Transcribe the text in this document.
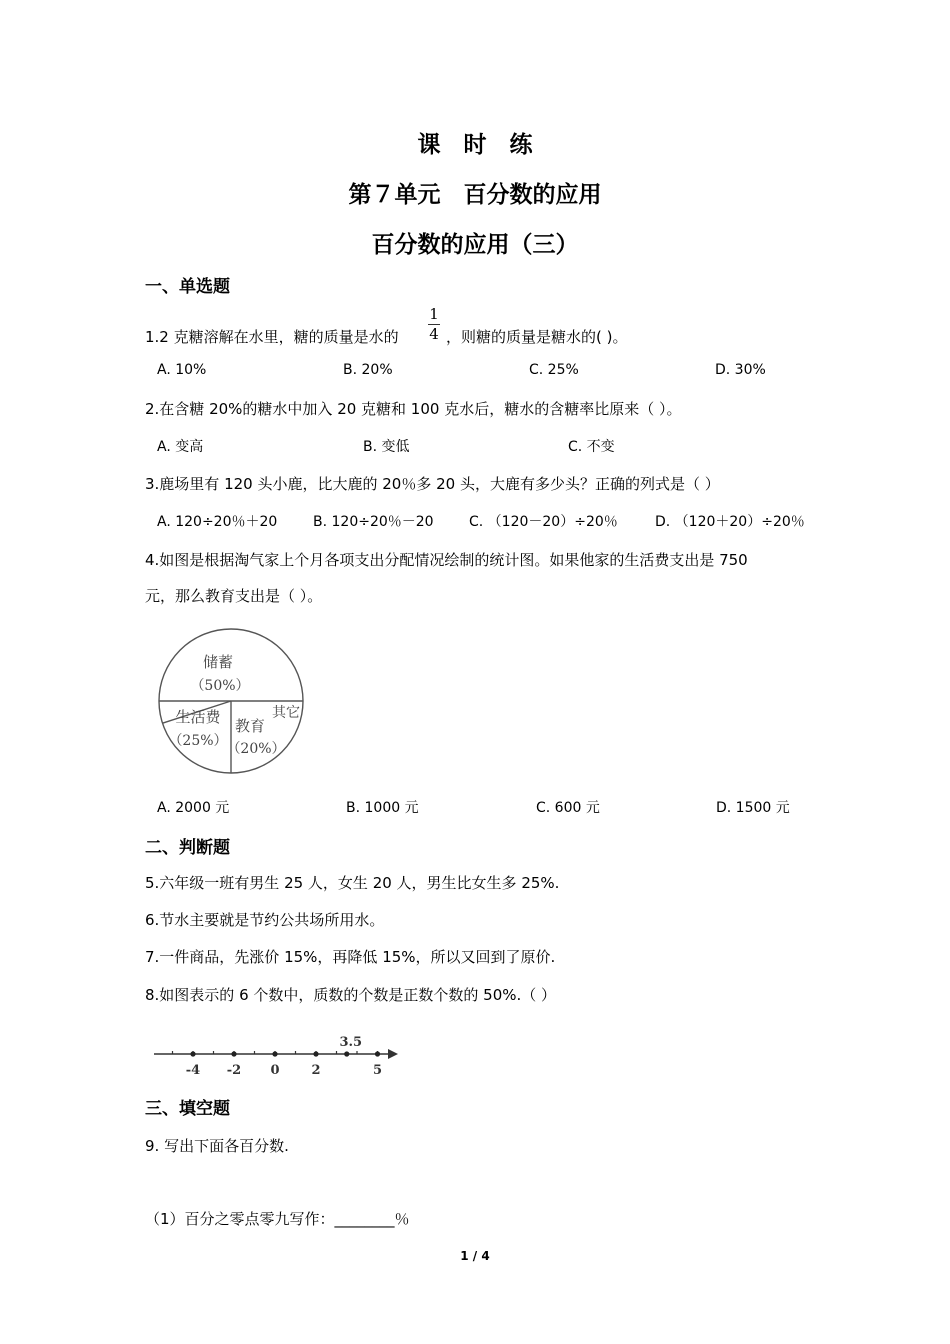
课　时　练
第７单元　百分数的应用
百分数的应用（三）
一、单选题
1.2 克糖溶解在水里，糖的质量是水的
1
4 ，则糖的质量是糖水的( )。
A. 10%	B. 20%	C. 25%	D. 30%
2.在含糖 20%的糖水中加入 20 克糖和 100 克水后，糖水的含糖率比原来（ ）。
A. 变高	B. 变低	C. 不变
3.鹿场里有 120 头小鹿，比大鹿的 20％多 20 头，大鹿有多少头？正确的列式是（ ）
A. 120÷20％＋20	B. 120÷20％－20	C. （120－20）÷20％	D. （120＋20）÷20％
4.如图是根据淘气家上个月各项支出分配情况绘制的统计图。如果他家的生活费支出是 750
元，那么教育支出是（ ）。
储蓄
（50%）
生活费
（25%）
教育
（20%）
其它
A. 2000 元	B. 1000 元	C. 600 元	D. 1500 元
二、判断题
5.六年级一班有男生 25 人，女生 20 人，男生比女生多 25%.
6.节水主要就是节约公共场所用水。
7.一件商品，先涨价 15%，再降低 15%，所以又回到了原价.
8.如图表示的 6 个数中，质数的个数是正数个数的 50%.（ ）
-4 -2 0 2	5
3.5
三、填空题
9. 写出下面各百分数.
（1）百分之零点零九写作：________％
1 / 4
